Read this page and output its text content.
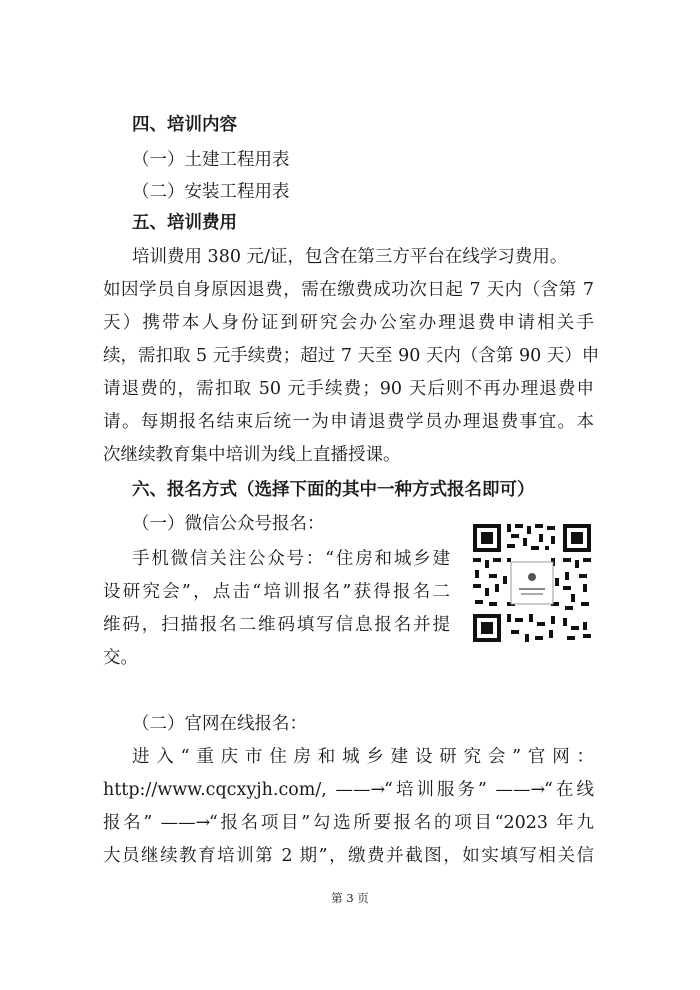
四、培训内容
（一）土建工程用表
（二）安装工程用表
五、培训费用
培训费用 380 元/证，包含在第三方平台在线学习费用。
如因学员自身原因退费，需在缴费成功次日起 7 天内（含第 7
天）携带本人身份证到研究会办公室办理退费申请相关手
续，需扣取 5 元手续费；超过 7 天至 90 天内（含第 90 天）申
请退费的，需扣取 50 元手续费；90 天后则不再办理退费申
请。每期报名结束后统一为申请退费学员办理退费事宜。本
次继续教育集中培训为线上直播授课。
六、报名方式（选择下面的其中一种方式报名即可）
（一）微信公众号报名：
手机微信关注公众号：“住房和城乡建
设研究会”，点击“培训报名”获得报名二
维码，扫描报名二维码填写信息报名并提
交。
（二）官网在线报名：
进入“重庆市住房和城乡建设研究会”官网：
http://www.cqcxyjh.com/, ——→ “培训服务” ——→ “在线
报名” ——→ “报名项目”勾选所要报名的项目“2023 年九
大员继续教育培训第 2 期”，缴费并截图，如实填写相关信
第 3 页
